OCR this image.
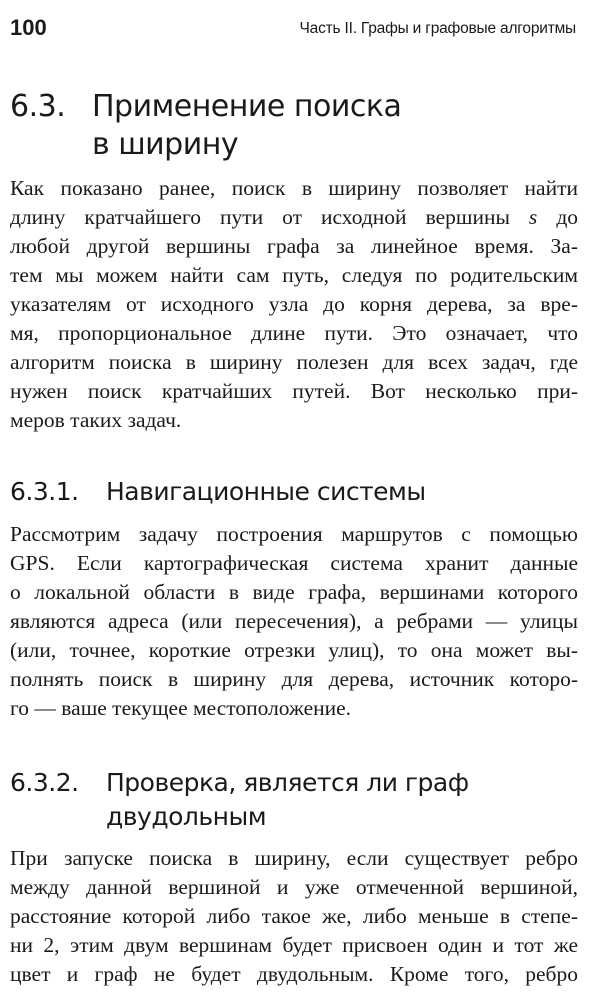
100	Часть II. Графы и графовые алгоритмы
6.3. Применение поиска
в ширину

Как показано ранее, поиск в ширину позволяет найти
длину кратчайшего пути от исходной вершины s до
любой другой вершины графа за линейное время. За-
тем мы можем найти сам путь, следуя по родительским
указателям от исходного узла до корня дерева, за вре-
мя, пропорциональное длине пути. Это означает, что
алгоритм поиска в ширину полезен для всех задач, где
нужен поиск кратчайших путей. Вот несколько при-
меров таких задач.

6.3.1. Навигационные системы

Рассмотрим задачу построения маршрутов с помощью
GPS. Если картографическая система хранит данные
о локальной области в виде графа, вершинами которого
являются адреса (или пересечения), а ребрами — улицы
(или, точнее, короткие отрезки улиц), то она может вы-
полнять поиск в ширину для дерева, источник которо-
го — ваше текущее местоположение.

6.3.2. Проверка, является ли граф
двудольным

При запуске поиска в ширину, если существует ребро
между данной вершиной и уже отмеченной вершиной,
расстояние которой либо такое же, либо меньше в степе-
ни 2, этим двум вершинам будет присвоен один и тот же
цвет и граф не будет двудольным. Кроме того, ребро
